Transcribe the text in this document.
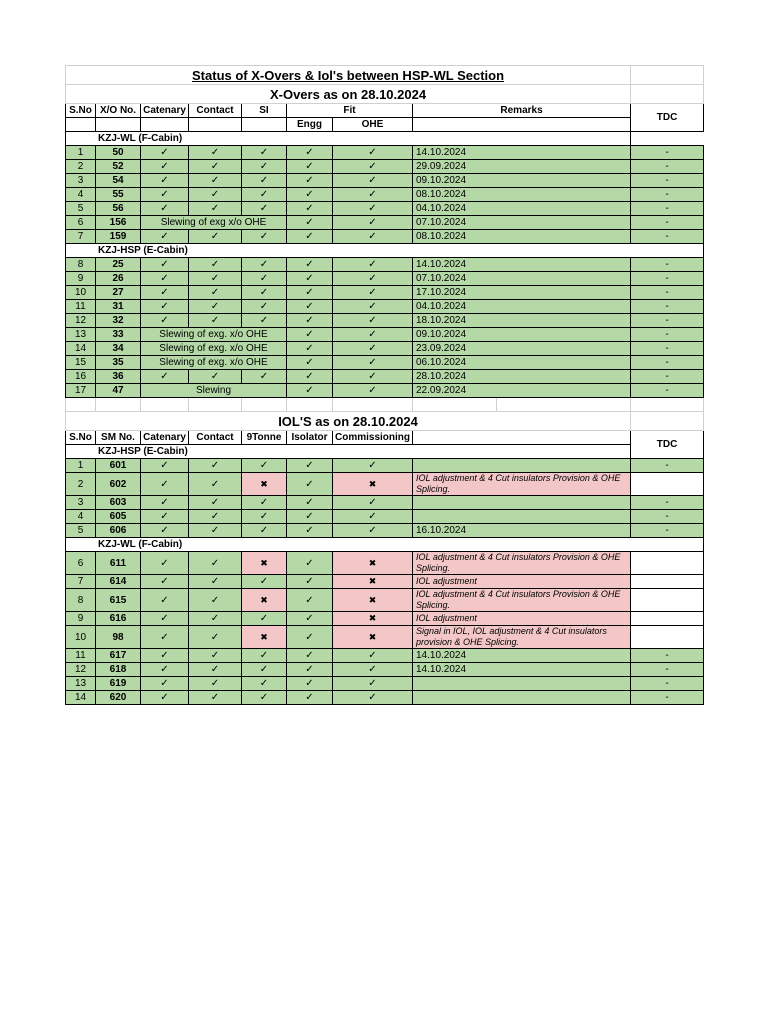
Status of X-Overs & Iol's between HSP-WL Section									
X-Overs as on 28.10.2024									
S.No	X/O No.	Catenary	Contact	SI	Fit		Remarks		TDC
					Engg	OHE			
KZJ-WL (F-Cabin)									
1	50	✓	✓	✓	✓	✓	14.10.2024		-
2	52	✓	✓	✓	✓	✓	29.09.2024		-
3	54	✓	✓	✓	✓	✓	09.10.2024		-
4	55	✓	✓	✓	✓	✓	08.10.2024		-
5	56	✓	✓	✓	✓	✓	04.10.2024		-
6	156	Slewing of exg x/o OHE			✓	✓	07.10.2024		-
7	159	✓	✓	✓	✓	✓	08.10.2024		-
KZJ-HSP (E-Cabin)									
8	25	✓	✓	✓	✓	✓	14.10.2024		-
9	26	✓	✓	✓	✓	✓	07.10.2024		-
10	27	✓	✓	✓	✓	✓	17.10.2024		-
11	31	✓	✓	✓	✓	✓	04.10.2024		-
12	32	✓	✓	✓	✓	✓	18.10.2024		-
13	33	Slewing of exg. x/o OHE			✓	✓	09.10.2024		-
14	34	Slewing of exg. x/o OHE			✓	✓	23.09.2024		-
15	35	Slewing of exg. x/o OHE			✓	✓	06.10.2024		-
16	36	✓	✓	✓	✓	✓	28.10.2024		-
17	47	Slewing			✓	✓	22.09.2024		-

IOL'S as on 28.10.2024									
S.No	SM No.	Catenary	Contact	9Tonne	Isolator	Commissioning			TDC
KZJ-HSP (E-Cabin)									
1	601	✓	✓	✓	✓	✓			-
2	602	✓	✓	✖	✓	✖	IOL adjustment & 4 Cut insulators Provision & OHE Splicing.		
3	603	✓	✓	✓	✓	✓			-
4	605	✓	✓	✓	✓	✓			-
5	606	✓	✓	✓	✓	✓	16.10.2024		-
KZJ-WL (F-Cabin)									
6	611	✓	✓	✖	✓	✖	IOL adjustment & 4 Cut insulators Provision & OHE Splicing.		
7	614	✓	✓	✓	✓	✖	IOL adjustment		
8	615	✓	✓	✖	✓	✖	IOL adjustment & 4 Cut insulators Provision & OHE Splicing.		
9	616	✓	✓	✓	✓	✖	IOL adjustment		
10	98	✓	✓	✖	✓	✖	Signal in IOL, IOL adjustment & 4 Cut insulators provision & OHE Splicing.		
11	617	✓	✓	✓	✓	✓	14.10.2024		-
12	618	✓	✓	✓	✓	✓	14.10.2024		-
13	619	✓	✓	✓	✓	✓			-
14	620	✓	✓	✓	✓	✓			-
